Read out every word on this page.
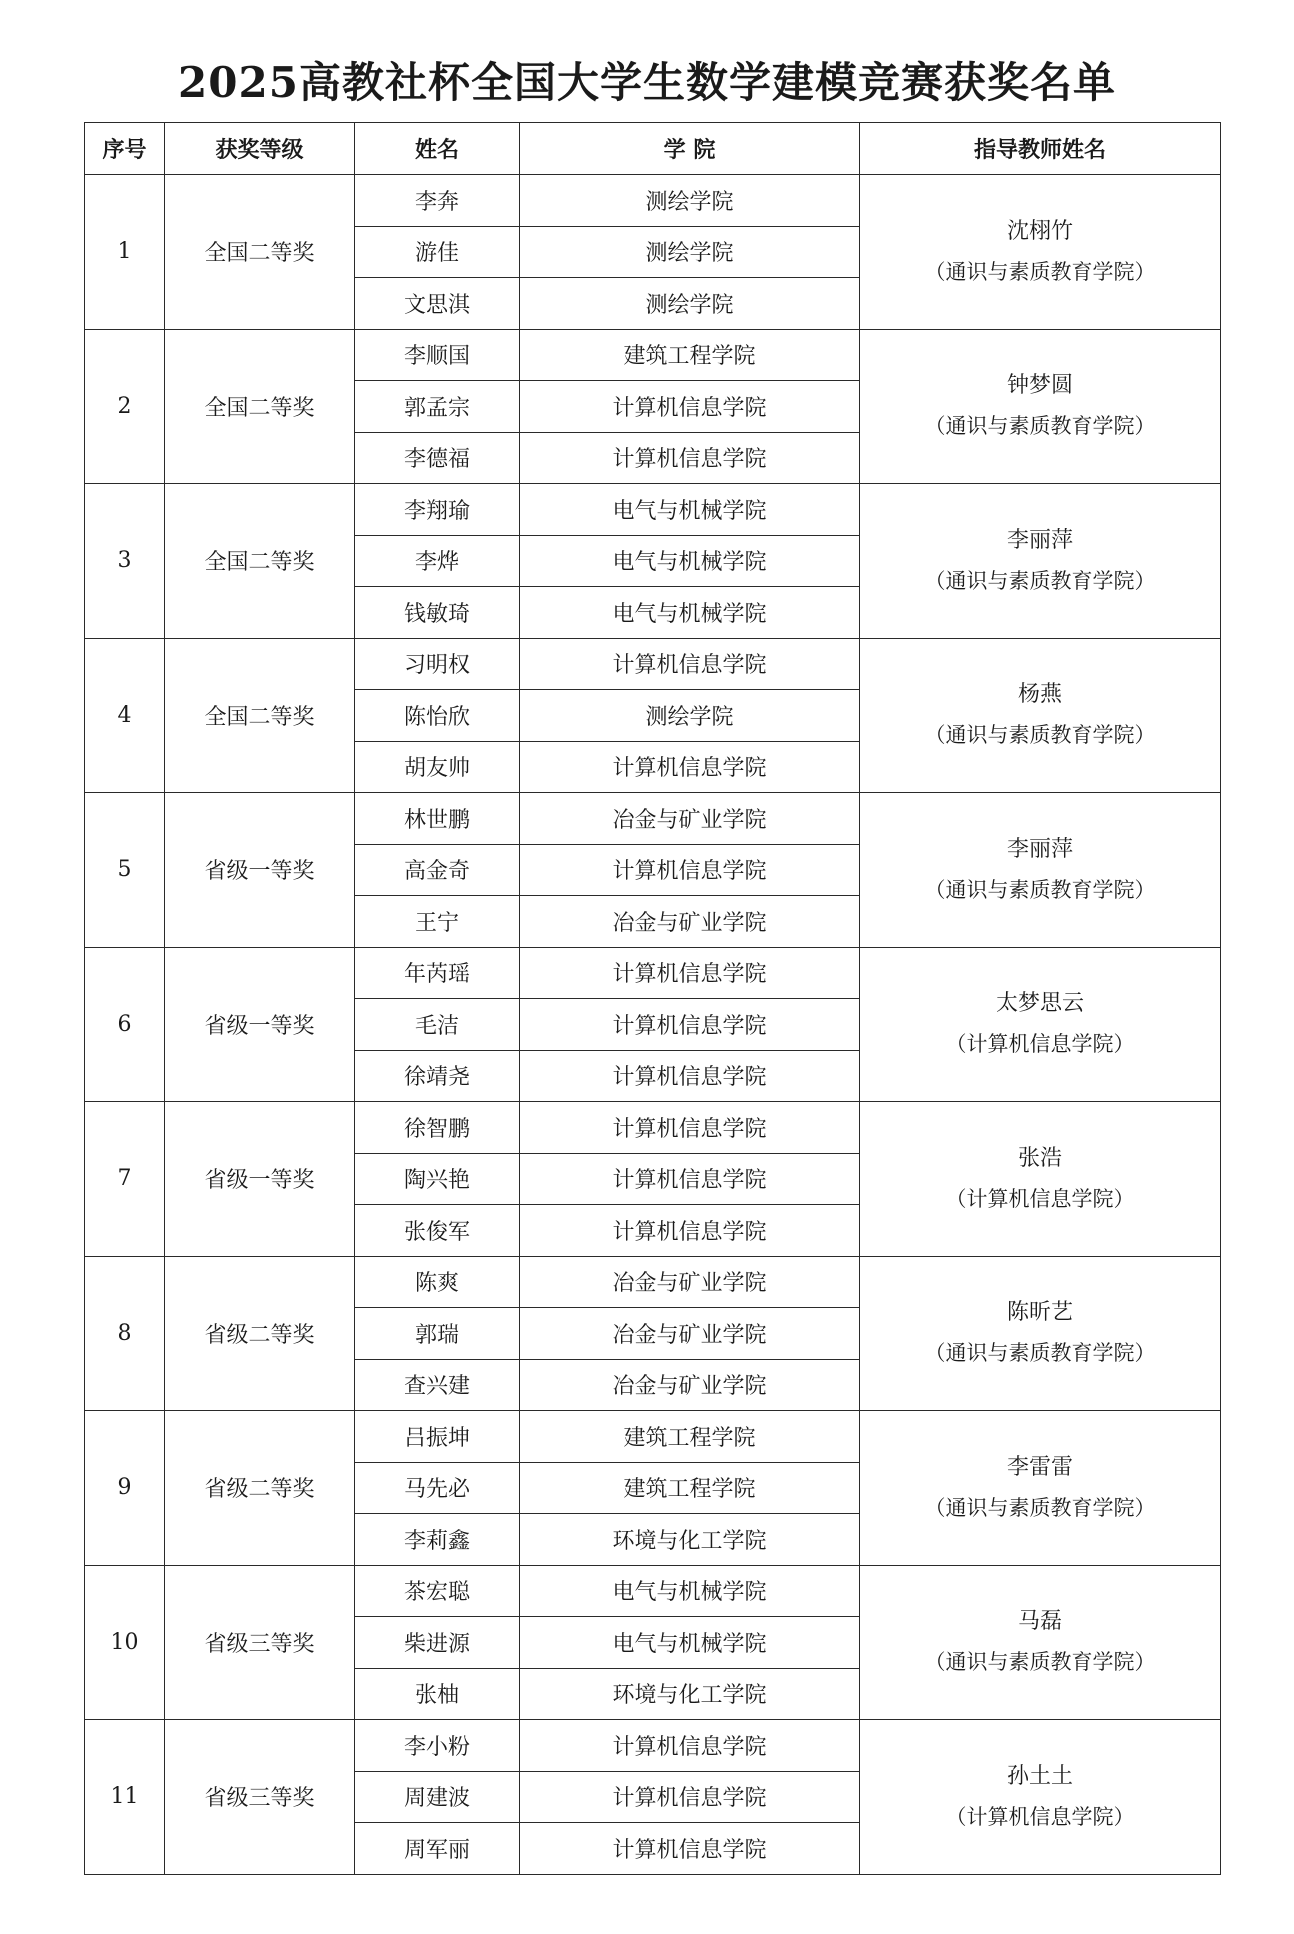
2025高教社杯全国大学生数学建模竞赛获奖名单
序号	获奖等级	姓名	学 院	指导教师姓名
1	全国二等奖	李奔	测绘学院	沈栩竹
（通识与素质教育学院）

		游佳	测绘学院	
		文思淇	测绘学院	
2	全国二等奖	李顺国	建筑工程学院	钟梦圆
（通识与素质教育学院）

		郭孟宗	计算机信息学院	
		李德福	计算机信息学院	
3	全国二等奖	李翔瑜	电气与机械学院	李丽萍
（通识与素质教育学院）

		李烨	电气与机械学院	
		钱敏琦	电气与机械学院	
4	全国二等奖	习明权	计算机信息学院	杨燕
（通识与素质教育学院）

		陈怡欣	测绘学院	
		胡友帅	计算机信息学院	
5	省级一等奖	林世鹏	冶金与矿业学院	李丽萍
（通识与素质教育学院）

		高金奇	计算机信息学院	
		王宁	冶金与矿业学院	
6	省级一等奖	年芮瑶	计算机信息学院	太梦思云
（计算机信息学院）

		毛洁	计算机信息学院	
		徐靖尧	计算机信息学院	
7	省级一等奖	徐智鹏	计算机信息学院	张浩
（计算机信息学院）

		陶兴艳	计算机信息学院	
		张俊军	计算机信息学院	
8	省级二等奖	陈爽	冶金与矿业学院	陈昕艺
（通识与素质教育学院）

		郭瑞	冶金与矿业学院	
		查兴建	冶金与矿业学院	
9	省级二等奖	吕振坤	建筑工程学院	李雷雷
（通识与素质教育学院）

		马先必	建筑工程学院	
		李莉鑫	环境与化工学院	
10	省级三等奖	茶宏聪	电气与机械学院	马磊
（通识与素质教育学院）

		柴进源	电气与机械学院	
		张柚	环境与化工学院	
11	省级三等奖	李小粉	计算机信息学院	孙土土
（计算机信息学院）

		周建波	计算机信息学院	
		周军丽	计算机信息学院	
